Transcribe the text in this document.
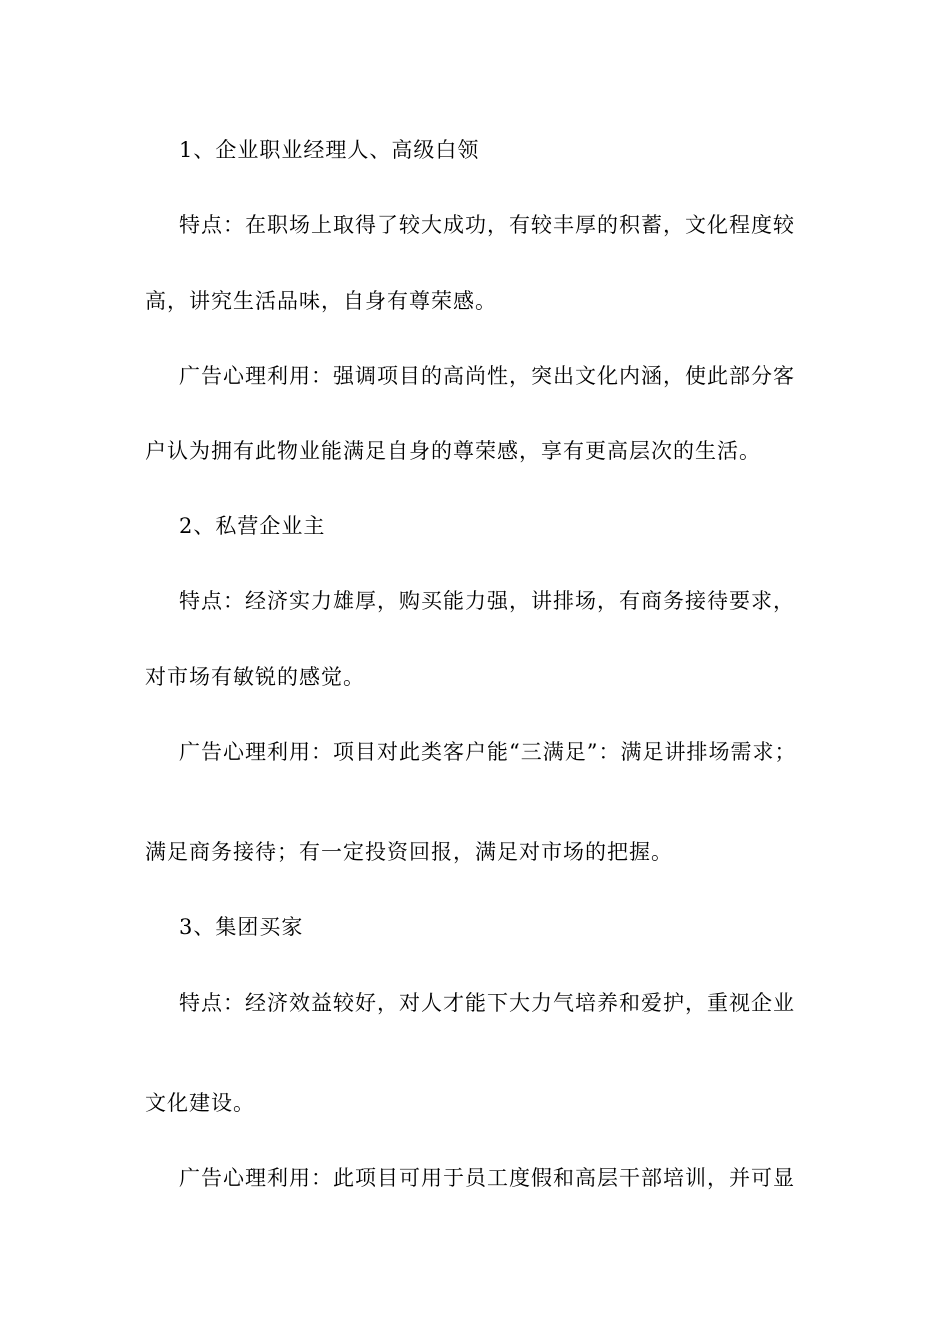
1、企业职业经理人、高级白领
特点：在职场上取得了较大成功，有较丰厚的积蓄，文化程度较
高，讲究生活品味，自身有尊荣感。
广告心理利用：强调项目的高尚性，突出文化内涵，使此部分客
户认为拥有此物业能满足自身的尊荣感，享有更高层次的生活。
2、私营企业主
特点：经济实力雄厚，购买能力强，讲排场，有商务接待要求，
对市场有敏锐的感觉。
广告心理利用：项目对此类客户能“三满足”：满足讲排场需求；
满足商务接待；有一定投资回报，满足对市场的把握。
3、集团买家
特点：经济效益较好，对人才能下大力气培养和爱护，重视企业
文化建设。
广告心理利用：此项目可用于员工度假和高层干部培训，并可显
